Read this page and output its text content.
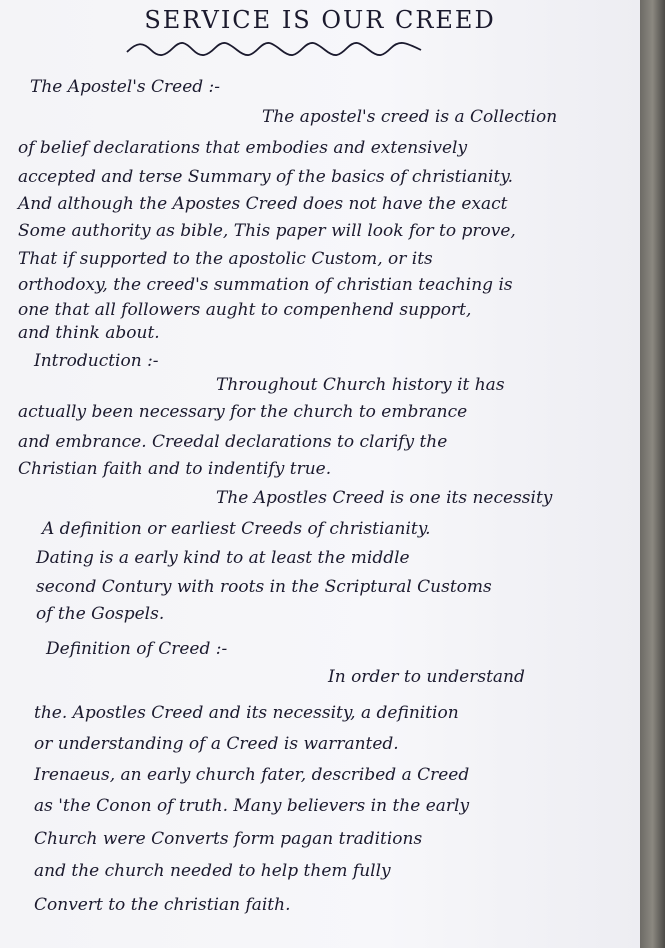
SERVICE IS OUR CREED
The Apostel's Creed :-
The apostel's creed is a Collection
of belief declarations that embodies and extensively
accepted and terse Summary of the basics of christianity.
And although the Apostes Creed does not have the exact
Some authority as bible, This paper will look for to prove,
That if supported to the apostolic Custom, or its
orthodoxy, the creed's summation of christian teaching is
one that all followers aught to compenhend support,
and think about.
Introduction :-
Throughout Church history it has
actually been necessary for the church to embrance
and embrance. Creedal declarations to clarify the
Christian faith and to indentify true.
The Apostles Creed is one its necessity
A definition or earliest Creeds of christianity.
Dating is a early kind to at least the middle
second Contury with roots in the Scriptural Customs
of the Gospels.
Definition of Creed :-
In order to understand
the. Apostles Creed and its necessity, a definition
or understanding of a Creed is warranted.
Irenaeus, an early church fater, described a Creed
as 'the Conon of truth. Many believers in the early
Church were Converts form pagan traditions
and the church needed to help them fully
Convert to the christian faith.
